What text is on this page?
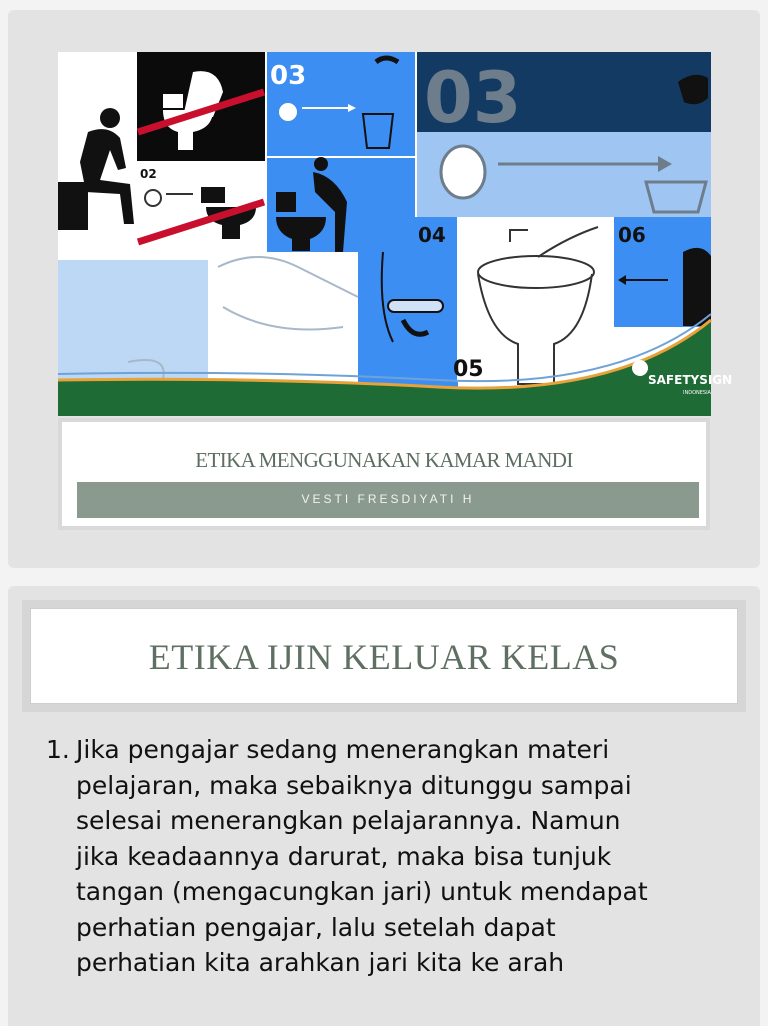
02
03 03
04
05
06
SAFETYSIGN
INDONESIA
ETIKA MENGGUNAKAN KAMAR MANDI
VESTI FRESDIYATI H
ETIKA IJIN KELUAR KELAS
1. Jika pengajar sedang menerangkan materi pelajaran, maka sebaiknya ditunggu sampai selesai menerangkan pelajarannya. Namun jika keadaannya darurat, maka bisa tunjuk tangan (mengacungkan jari) untuk mendapat perhatian pengajar, lalu setelah dapat perhatian kita arahkan jari kita ke arah
